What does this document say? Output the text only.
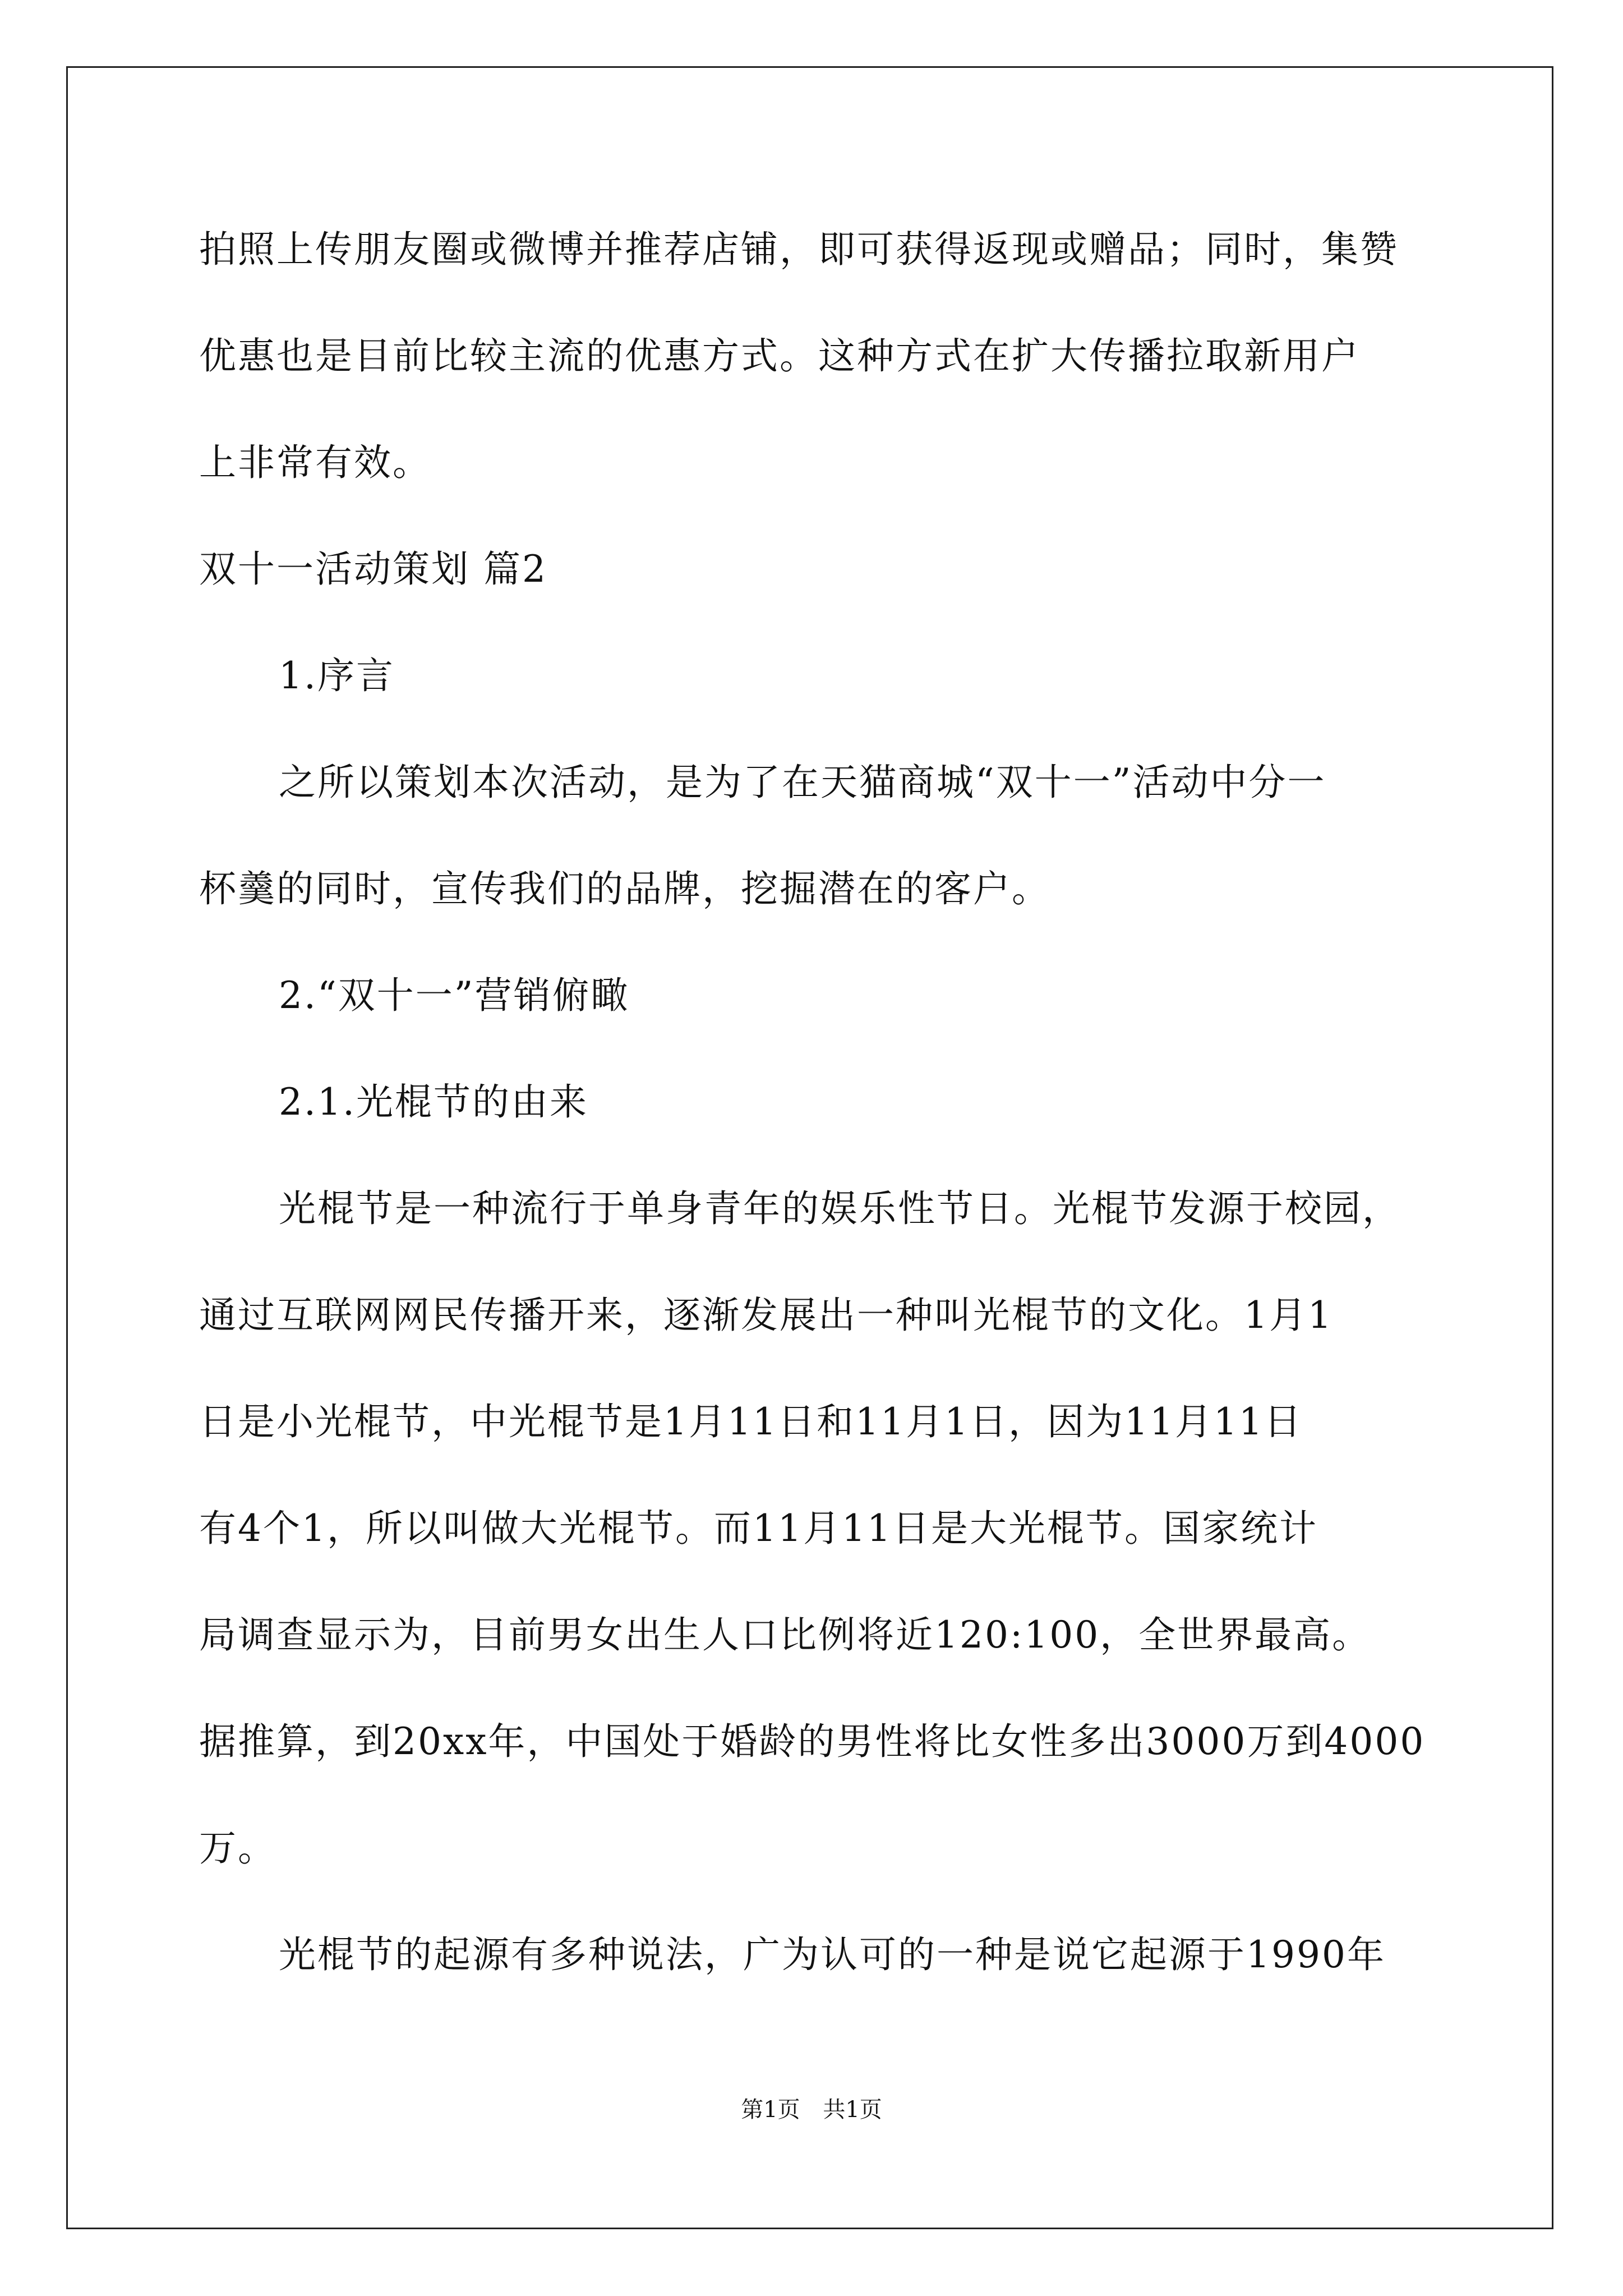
拍照上传朋友圈或微博并推荐店铺，即可获得返现或赠品；同时，集赞
优惠也是目前比较主流的优惠方式。这种方式在扩大传播拉取新用户
上非常有效。
双十一活动策划 篇2
1.序言
之所以策划本次活动，是为了在天猫商城“双十一”活动中分一
杯羹的同时，宣传我们的品牌，挖掘潜在的客户。
2.“双十一”营销俯瞰
2.1.光棍节的由来
光棍节是一种流行于单身青年的娱乐性节日。光棍节发源于校园，
通过互联网网民传播开来，逐渐发展出一种叫光棍节的文化。1月1
日是小光棍节，中光棍节是1月11日和11月1日，因为11月11日
有4个1，所以叫做大光棍节。而11月11日是大光棍节。国家统计
局调查显示为，目前男女出生人口比例将近120:100，全世界最高。
据推算，到20xx年，中国处于婚龄的男性将比女性多出3000万到4000
万。
光棍节的起源有多种说法，广为认可的一种是说它起源于1990年
第1页 共1页
